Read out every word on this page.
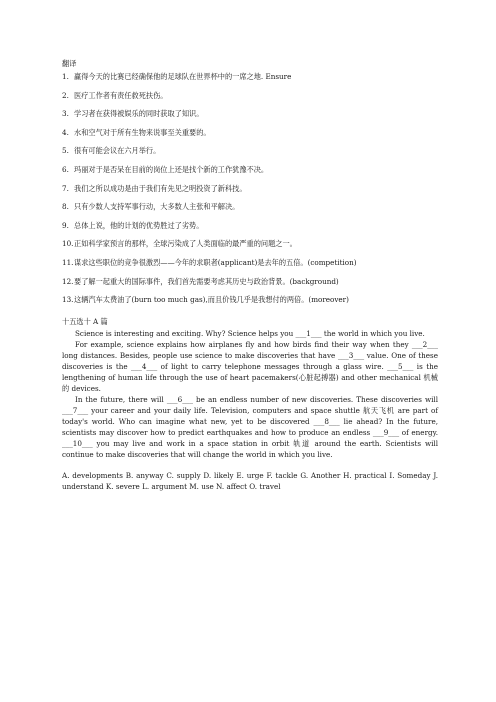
翻译
1. 赢得今天的比赛已经确保他的足球队在世界杯中的一席之地. Ensure
2. 医疗工作者有责任救死扶伤。
3. 学习者在获得被娱乐的同时获取了知识。
4. 水和空气对于所有生物来说事至关重要的。
5. 很有可能会议在六月举行。
6. 玛丽对于是否呆在目前的岗位上还是找个新的工作犹豫不决。
7. 我们之所以成功是由于我们有先见之明投资了新科技。
8. 只有少数人支持军事行动，大多数人主张和平解决。
9. 总体上说，他的计划的优势胜过了劣势。
10. 正如科学家预言的那样，全球污染成了人类面临的最严重的问题之一。
11. 谋求这些职位的竞争很激烈——今年的求职者(applicant)是去年的五倍。(competition)
12. 要了解一起重大的国际事件，我们首先需要考虑其历史与政治背景。(background)
13. 这辆汽车太费油了(burn too much gas),而且价钱几乎是我想付的两倍。(moreover)
十五选十 A 篇
Science is interesting and exciting. Why? Science helps you ___1___ the world in which you live.
For example, science explains how airplanes fly and how birds find their way when they ___2___ long distances. Besides, people use science to make discoveries that have ___3___ value. One of these discoveries is the ___4___ of light to carry telephone messages through a glass wire. ___5___ is the lengthening of human life through the use of heart pacemakers(心脏起搏器) and other mechanical 机械的 devices.
In the future, there will ___6___ be an endless number of new discoveries. These discoveries will ___7___ your career and your daily life. Television, computers and space shuttle 航天飞机 are part of today's world. Who can imagine what new, yet to be discovered ___8___ lie ahead? In the future, scientists may discover how to predict earthquakes and how to produce an endless ___9___ of energy. ___10___ you may live and work in a space station in orbit 轨道 around the earth. Scientists will continue to make discoveries that will change the world in which you live.
A. developments B. anyway C. supply D. likely E. urge F. tackle G. Another H. practical I. Someday J. understand K. severe L. argument M. use N. affect O. travel
